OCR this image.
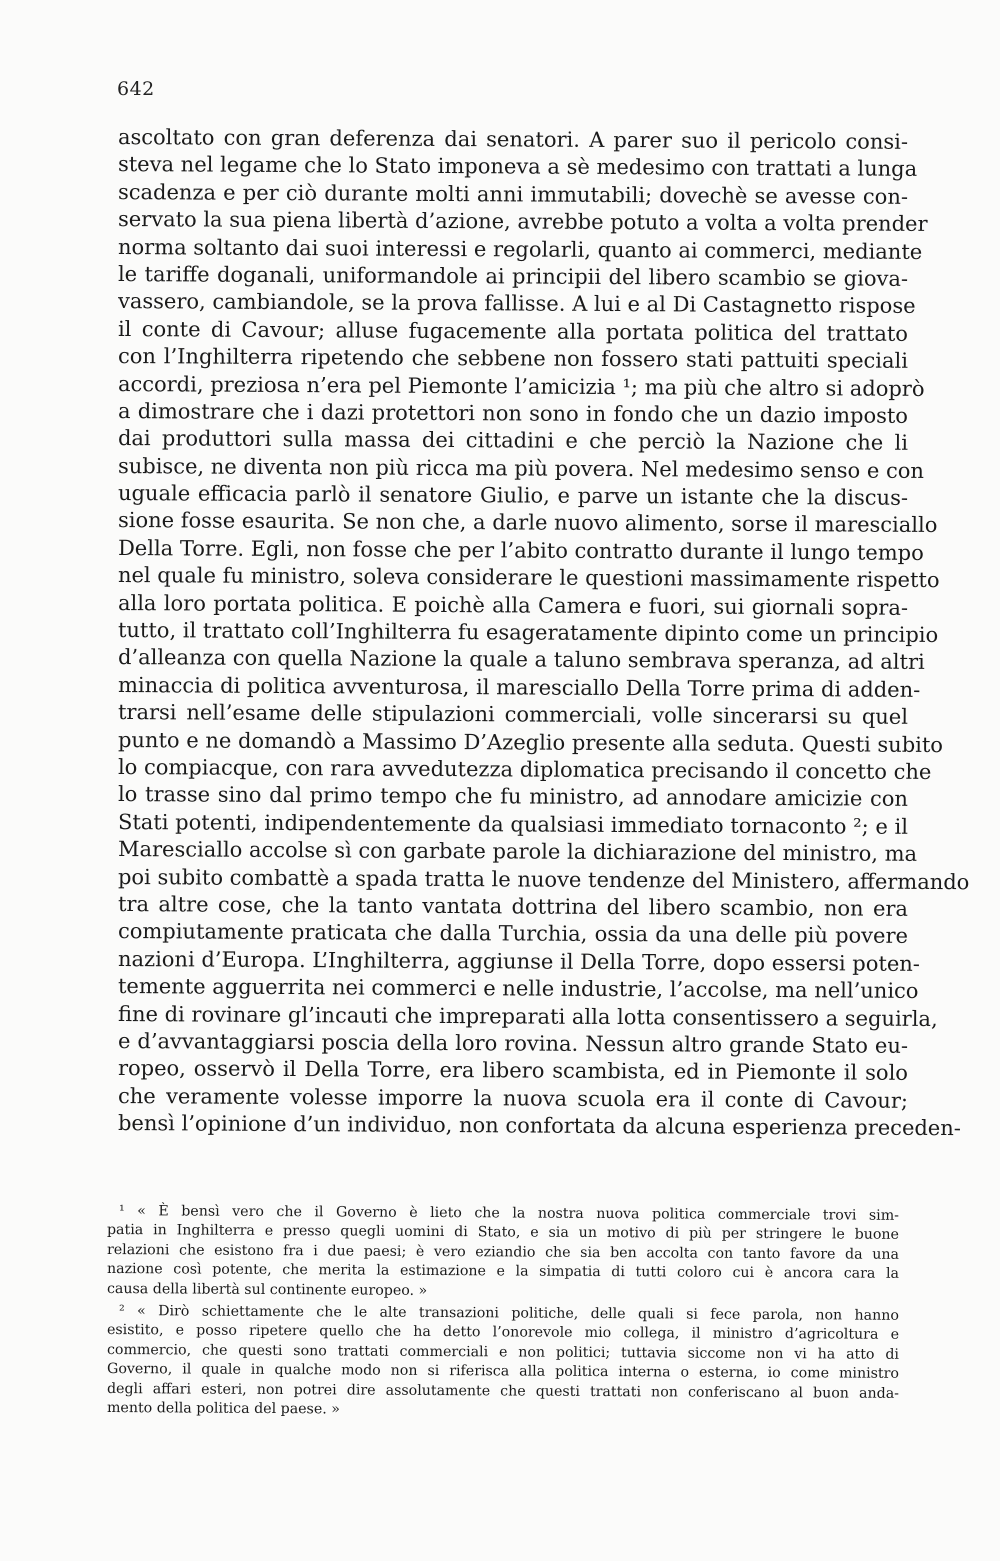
642
ascoltato con gran deferenza dai senatori. A parer suo il pericolo consi-
steva nel legame che lo Stato imponeva a sè medesimo con trattati a lunga
scadenza e per ciò durante molti anni immutabili; dovechè se avesse con-
servato la sua piena libertà d’azione, avrebbe potuto a volta a volta prender
norma soltanto dai suoi interessi e regolarli, quanto ai commerci, mediante
le tariffe doganali, uniformandole ai principii del libero scambio se giova-
vassero, cambiandole, se la prova fallisse. A lui e al Di Castagnetto rispose
il conte di Cavour; alluse fugacemente alla portata politica del trattato
con l’Inghilterra ripetendo che sebbene non fossero stati pattuiti speciali
accordi, preziosa n’era pel Piemonte l’amicizia ¹; ma più che altro si adoprò
a dimostrare che i dazi protettori non sono in fondo che un dazio imposto
dai produttori sulla massa dei cittadini e che perciò la Nazione che li
subisce, ne diventa non più ricca ma più povera. Nel medesimo senso e con
uguale efficacia parlò il senatore Giulio, e parve un istante che la discus-
sione fosse esaurita. Se non che, a darle nuovo alimento, sorse il maresciallo
Della Torre. Egli, non fosse che per l’abito contratto durante il lungo tempo
nel quale fu ministro, soleva considerare le questioni massimamente rispetto
alla loro portata politica. E poichè alla Camera e fuori, sui giornali sopra-
tutto, il trattato coll’Inghilterra fu esageratamente dipinto come un principio
d’alleanza con quella Nazione la quale a taluno sembrava speranza, ad altri
minaccia di politica avventurosa, il maresciallo Della Torre prima di adden-
trarsi nell’esame delle stipulazioni commerciali, volle sincerarsi su quel
punto e ne domandò a Massimo D’Azeglio presente alla seduta. Questi subito
lo compiacque, con rara avvedutezza diplomatica precisando il concetto che
lo trasse sino dal primo tempo che fu ministro, ad annodare amicizie con
Stati potenti, indipendentemente da qualsiasi immediato tornaconto ²; e il
Maresciallo accolse sì con garbate parole la dichiarazione del ministro, ma
poi subito combattè a spada tratta le nuove tendenze del Ministero, affermando
tra altre cose, che la tanto vantata dottrina del libero scambio, non era
compiutamente praticata che dalla Turchia, ossia da una delle più povere
nazioni d’Europa. L’Inghilterra, aggiunse il Della Torre, dopo essersi poten-
temente agguerrita nei commerci e nelle industrie, l’accolse, ma nell’unico
fine di rovinare gl’incauti che impreparati alla lotta consentissero a seguirla,
e d’avvantaggiarsi poscia della loro rovina. Nessun altro grande Stato eu-
ropeo, osservò il Della Torre, era libero scambista, ed in Piemonte il solo
che veramente volesse imporre la nuova scuola era il conte di Cavour;
bensì l’opinione d’un individuo, non confortata da alcuna esperienza preceden-
¹ « È bensì vero che il Governo è lieto che la nostra nuova politica commerciale trovi sim-
patia in Inghilterra e presso quegli uomini di Stato, e sia un motivo di più per stringere le buone
relazioni che esistono fra i due paesi; è vero eziandio che sia ben accolta con tanto favore da una
nazione così potente, che merita la estimazione e la simpatia di tutti coloro cui è ancora cara la
causa della libertà sul continente europeo. »
² « Dirò schiettamente che le alte transazioni politiche, delle quali si fece parola, non hanno
esistito, e posso ripetere quello che ha detto l’onorevole mio collega, il ministro d’agricoltura e
commercio, che questi sono trattati commerciali e non politici; tuttavia siccome non vi ha atto di
Governo, il quale in qualche modo non si riferisca alla politica interna o esterna, io come ministro
degli affari esteri, non potrei dire assolutamente che questi trattati non conferiscano al buon anda-
mento della politica del paese. »
